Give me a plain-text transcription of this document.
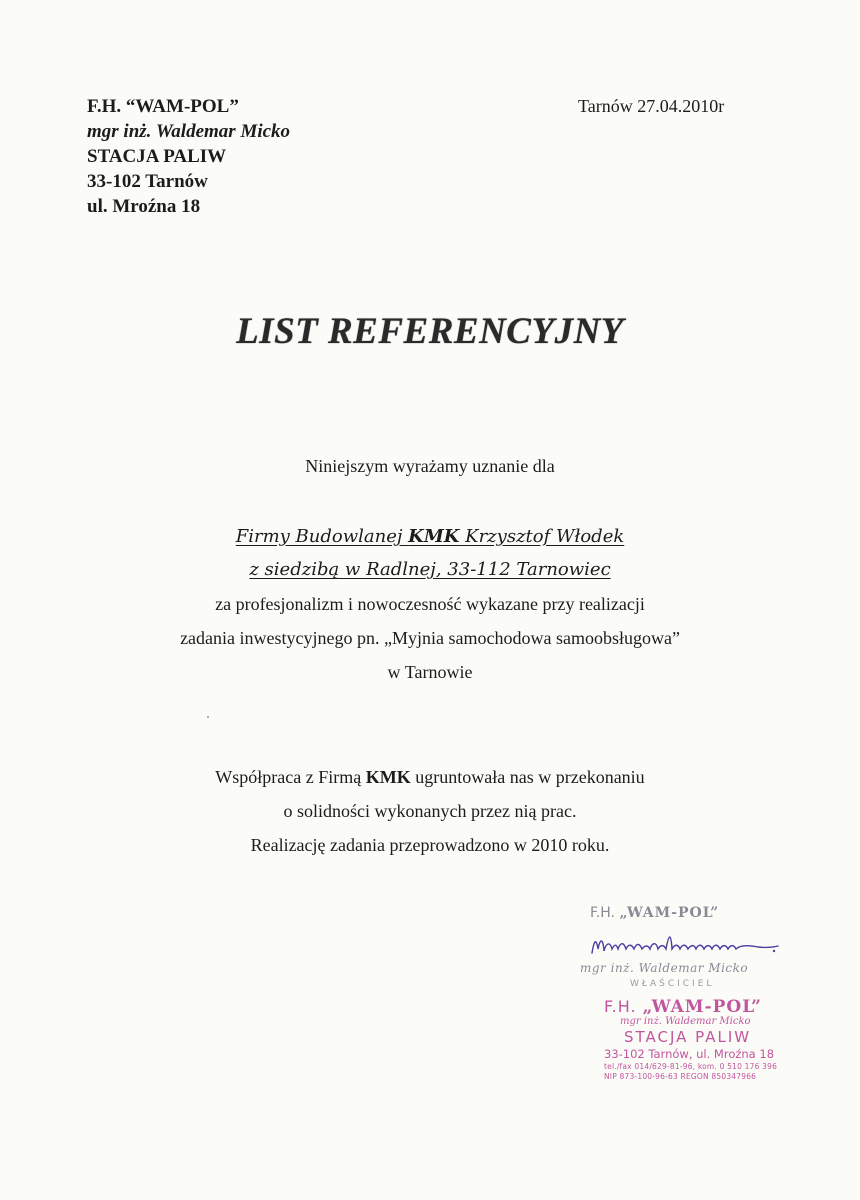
F.H. “WAM-POL”
mgr inż. Waldemar Micko
STACJA PALIW
33-102 Tarnów
ul. Mroźna 18
Tarnów 27.04.2010r
LIST REFERENCYJNY
Niniejszym wyrażamy uznanie dla
Firmy Budowlanej KMK Krzysztof Włodek
z siedzibą w Radlnej, 33-112 Tarnowiec
za profesjonalizm i nowoczesność wykazane przy realizacji
zadania inwestycyjnego pn. „Myjnia samochodowa samoobsługowa”
w Tarnowie
Współpraca z Firmą KMK ugruntowała nas w przekonaniu
o solidności wykonanych przez nią prac.
Realizację zadania przeprowadzono w 2010 roku.
F.H. „WAM-POL”
mgr inż. Waldemar Micko
WŁAŚCICIEL
F.H. „WAM-POL”
mgr inż. Waldemar Micko
STACJA PALIW
33-102 Tarnów, ul. Mroźna 18
tel./fax 014/629-81-96, kom. 0 510 176 396
NIP 873-100-96-63 REGON 850347966
